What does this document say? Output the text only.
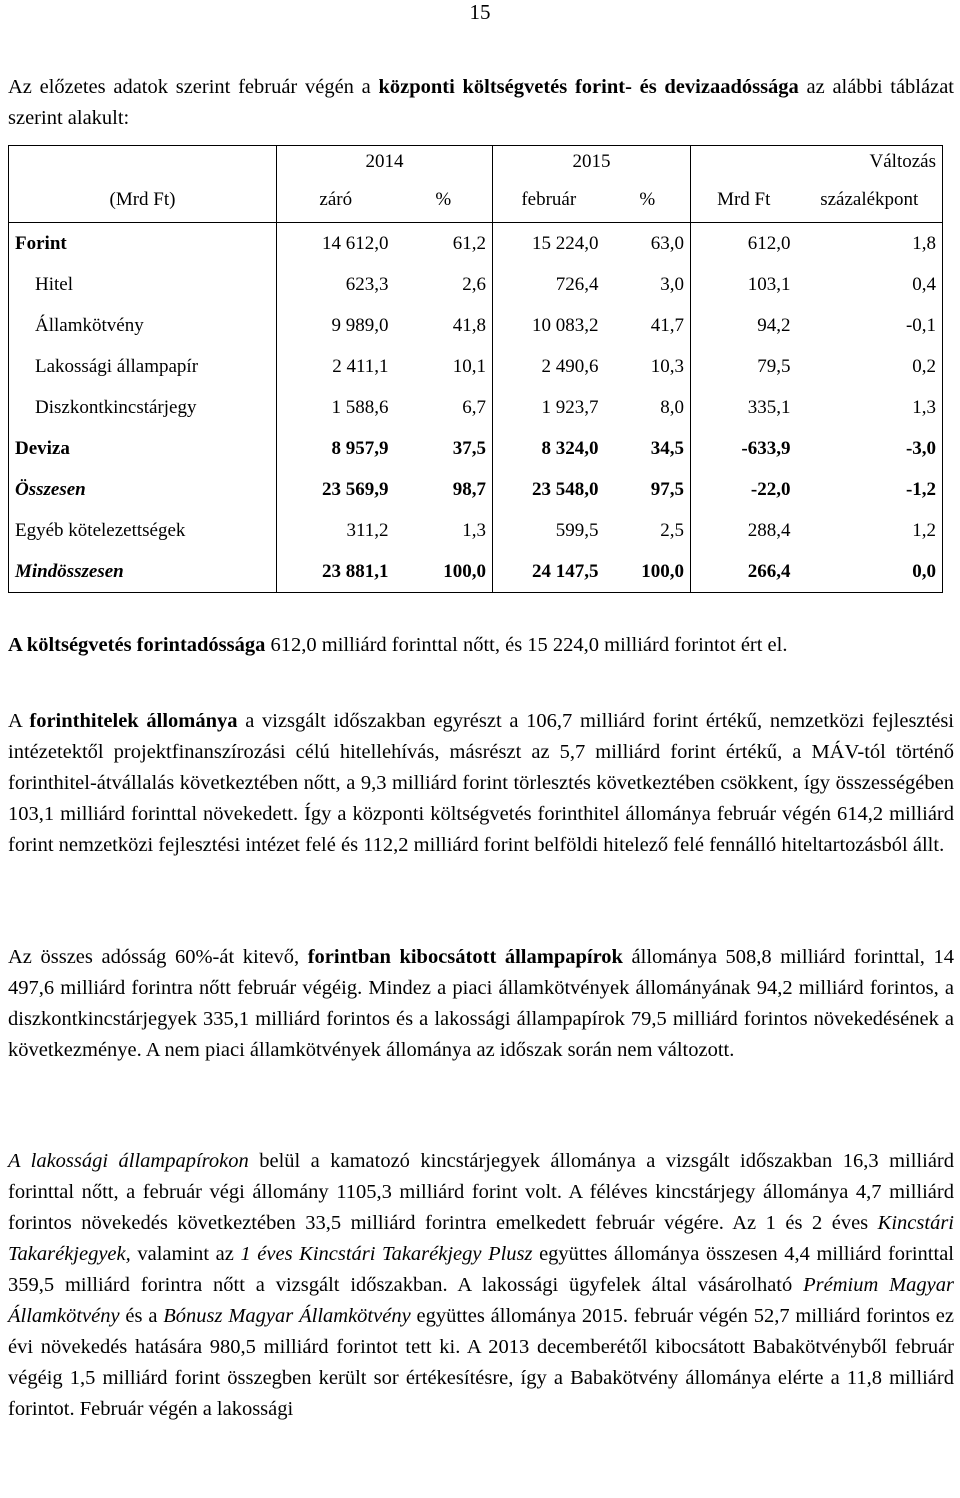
15

Az előzetes adatok szerint február végén a központi költségvetés forint- és devizaadóssága az alábbi táblázat szerint alakult:

	2014		2015		Változás	
(Mrd Ft)	záró	%	február	%	Mrd Ft	százalékpont
Forint	14 612,0	61,2	15 224,0	63,0	612,0	1,8
Hitel	623,3	2,6	726,4	3,0	103,1	0,4
Államkötvény	9 989,0	41,8	10 083,2	41,7	94,2	-0,1
Lakossági állampapír	2 411,1	10,1	2 490,6	10,3	79,5	0,2
Diszkontkincstárjegy	1 588,6	6,7	1 923,7	8,0	335,1	1,3
Deviza	8 957,9	37,5	8 324,0	34,5	-633,9	-3,0
Összesen	23 569,9	98,7	23 548,0	97,5	-22,0	-1,2
Egyéb kötelezettségek	311,2	1,3	599,5	2,5	288,4	1,2
Mindösszesen	23 881,1	100,0	24 147,5	100,0	266,4	0,0

A költségvetés forintadóssága 612,0 milliárd forinttal nőtt, és 15 224,0 milliárd forintot ért el.

A forinthitelek állománya a vizsgált időszakban egyrészt a 106,7 milliárd forint értékű, nemzetközi fejlesztési intézetektől projektfinanszírozási célú hitellehívás, másrészt az 5,7 milliárd forint értékű, a MÁV-tól történő forinthitel-átvállalás következtében nőtt, a 9,3 milliárd forint törlesztés következtében csökkent, így összességében 103,1 milliárd forinttal növekedett. Így a központi költségvetés forinthitel állománya február végén 614,2 milliárd forint nemzetközi fejlesztési intézet felé és 112,2 milliárd forint belföldi hitelező felé fennálló hiteltartozásból állt.

Az összes adósság 60%-át kitevő, forintban kibocsátott állampapírok állománya 508,8 milliárd forinttal, 14 497,6 milliárd forintra nőtt február végéig. Mindez a piaci államkötvények állományának 94,2 milliárd forintos, a diszkontkincstárjegyek 335,1 milliárd forintos és a lakossági állampapírok 79,5 milliárd forintos növekedésének a következménye. A nem piaci államkötvények állománya az időszak során nem változott.

A lakossági állampapírokon belül a kamatozó kincstárjegyek állománya a vizsgált időszakban 16,3 milliárd forinttal nőtt, a február végi állomány 1105,3 milliárd forint volt. A féléves kincstárjegy állománya 4,7 milliárd forintos növekedés következtében 33,5 milliárd forintra emelkedett február végére. Az 1 és 2 éves Kincstári Takarékjegyek, valamint az 1 éves Kincstári Takarékjegy Plusz együttes állománya összesen 4,4 milliárd forinttal 359,5 milliárd forintra nőtt a vizsgált időszakban. A lakossági ügyfelek által vásárolható Prémium Magyar Államkötvény és a Bónusz Magyar Államkötvény együttes állománya 2015. február végén 52,7 milliárd forintos ez évi növekedés hatására 980,5 milliárd forintot tett ki. A 2013 decemberétől kibocsátott Babakötvényből február végéig 1,5 milliárd forint összegben került sor értékesítésre, így a Babakötvény állománya elérte a 11,8 milliárd forintot. Február végén a lakossági
